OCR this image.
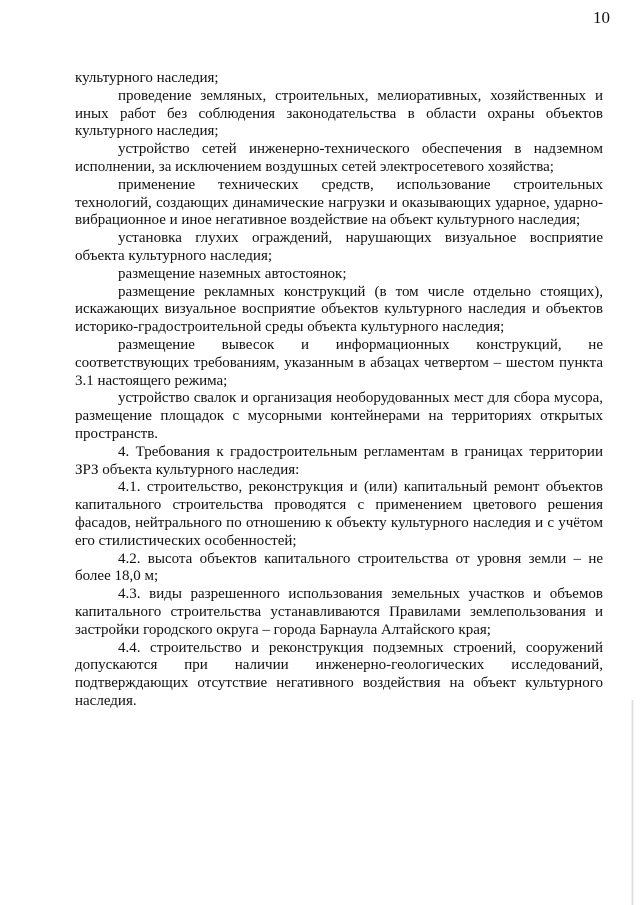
10

культурного наследия;

проведение земляных, строительных, мелиоративных, хозяйственных и иных работ без соблюдения законодательства в области охраны объектов культурного наследия;

устройство сетей инженерно-технического обеспечения в надземном исполнении, за исключением воздушных сетей электросетевого хозяйства;

применение технических средств, использование строительных технологий, создающих динамические нагрузки и оказывающих ударное, ударно-вибрационное и иное негативное воздействие на объект культурного наследия;

установка глухих ограждений, нарушающих визуальное восприятие объекта культурного наследия;

размещение наземных автостоянок;

размещение рекламных конструкций (в том числе отдельно стоящих), искажающих визуальное восприятие объектов культурного наследия и объектов историко-градостроительной среды объекта культурного наследия;

размещение вывесок и информационных конструкций, не соответствующих требованиям, указанным в абзацах четвертом – шестом пункта 3.1 настоящего режима;

устройство свалок и организация необорудованных мест для сбора мусора, размещение площадок с мусорными контейнерами на территориях открытых пространств.

4. Требования к градостроительным регламентам в границах территории ЗРЗ объекта культурного наследия:

4.1. строительство, реконструкция и (или) капитальный ремонт объектов капитального строительства проводятся с применением цветового решения фасадов, нейтрального по отношению к объекту культурного наследия и с учётом его стилистических особенностей;

4.2. высота объектов капитального строительства от уровня земли – не более 18,0 м;

4.3. виды разрешенного использования земельных участков и объемов капитального строительства устанавливаются Правилами землепользования и застройки городского округа – города Барнаула Алтайского края;

4.4. строительство и реконструкция подземных строений, сооружений допускаются при наличии инженерно-геологических исследований, подтверждающих отсутствие негативного воздействия на объект культурного наследия.
